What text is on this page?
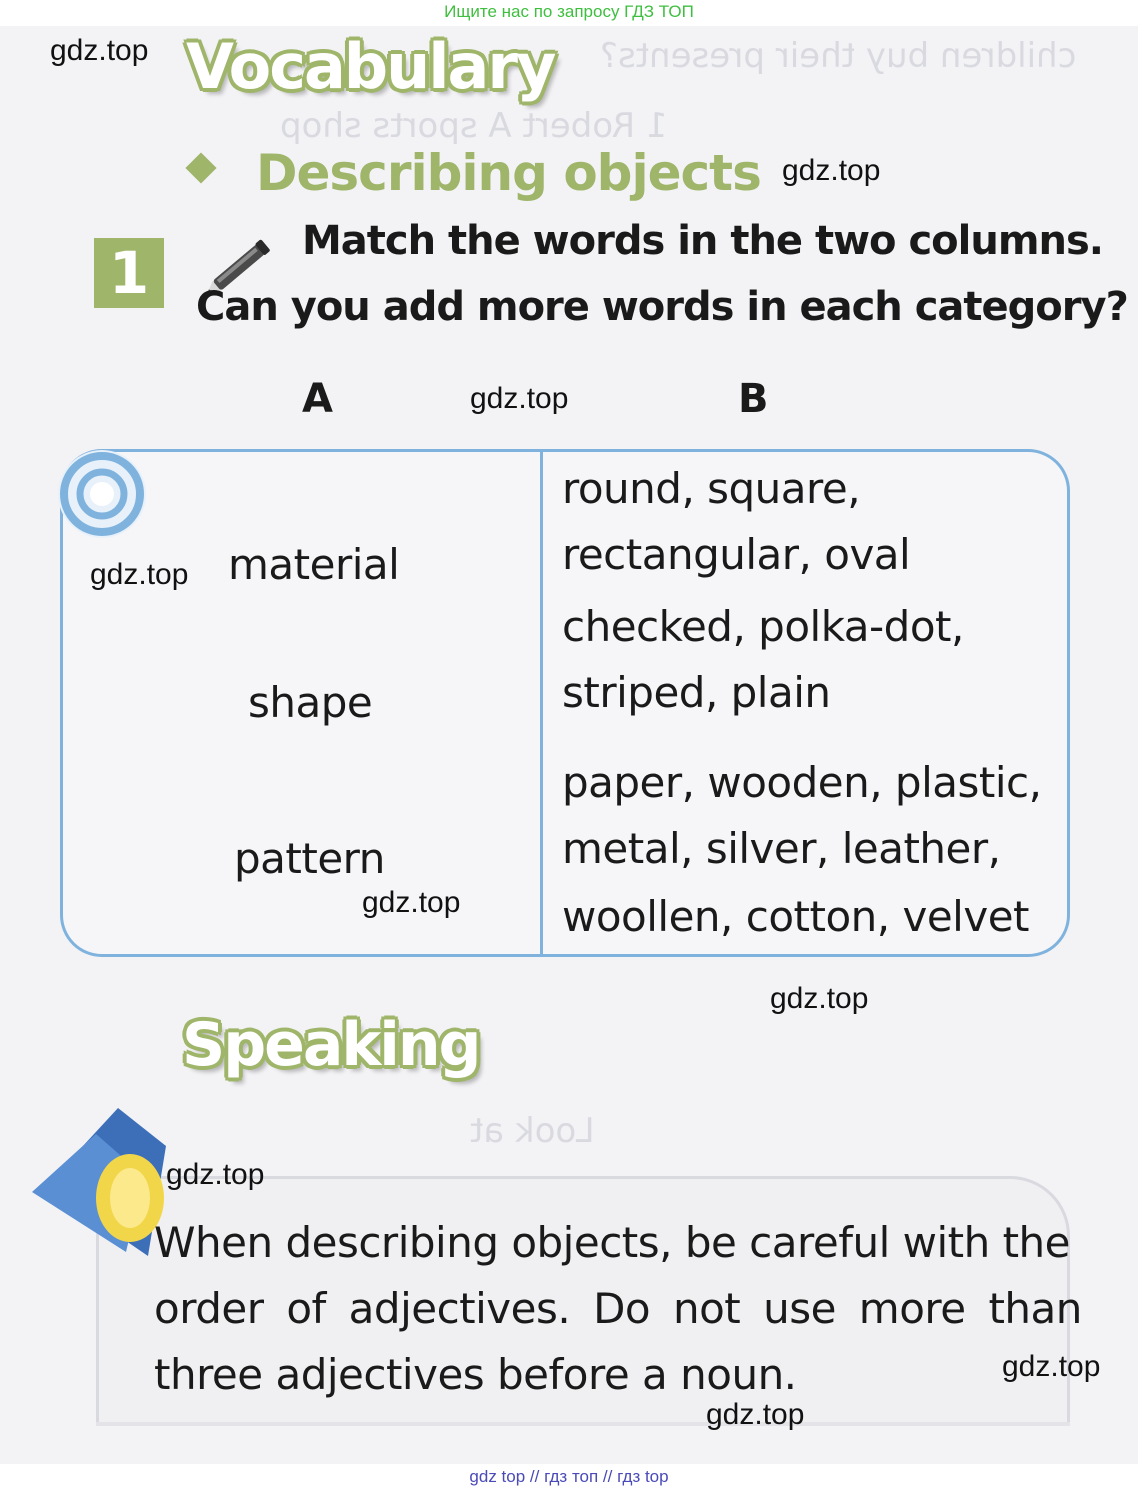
Ищите нас по запросу ГДЗ ТОП
children buy their presents?
1 Robert A sports shop
Look at
Vocabulary
Describing objects
1	Match the words in the two columns.
Can you add more words in each category?
A	B
material
shape
pattern
round, square,
rectangular, oval
checked, polka-dot,
striped, plain
paper, wooden, plastic,
metal, silver, leather,
woollen, cotton, velvet
Speaking
When describing objects, be careful with the
order of adjectives. Do not use more than
three adjectives before a noun.
gdz.top
gdz.top
gdz.top
gdz.top
gdz.top
gdz.top
gdz.top
gdz.top
gdz.top
gdz top // гдз топ // гдз top
